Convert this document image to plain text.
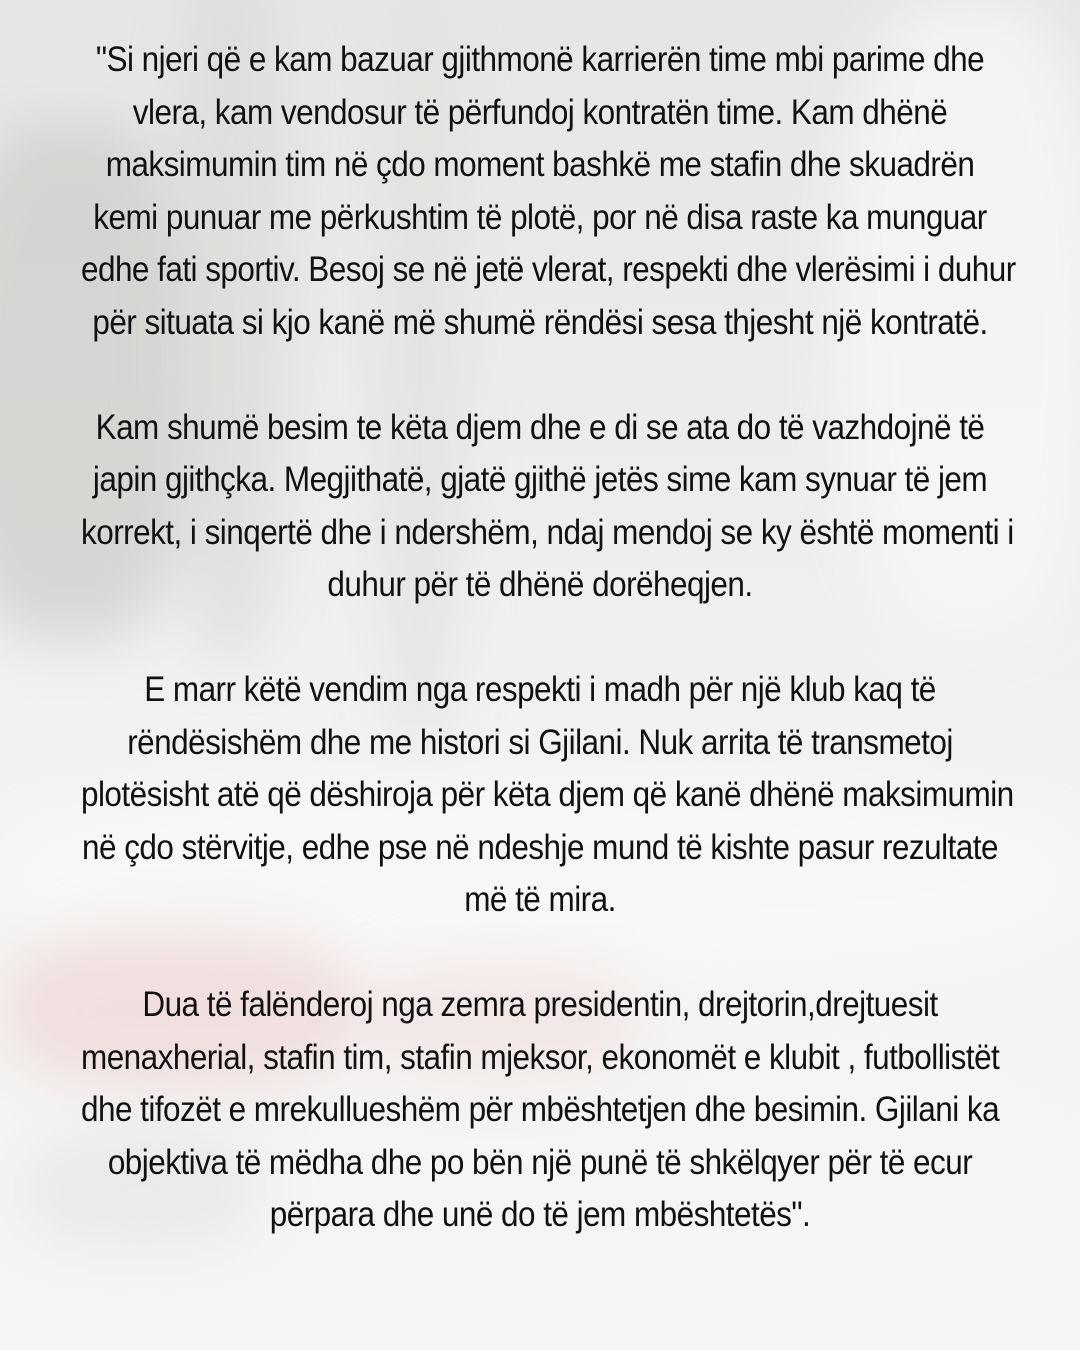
"Si njeri që e kam bazuar gjithmonë karrierën time mbi parime dhe
vlera, kam vendosur të përfundoj kontratën time. Kam dhënë
maksimumin tim në çdo moment bashkë me stafin dhe skuadrën
kemi punuar me përkushtim të plotë, por në disa raste ka munguar
edhe fati sportiv. Besoj se në jetë vlerat, respekti dhe vlerësimi i duhur
për situata si kjo kanë më shumë rëndësi sesa thjesht një kontratë.

Kam shumë besim te këta djem dhe e di se ata do të vazhdojnë të
japin gjithçka. Megjithatë, gjatë gjithë jetës sime kam synuar të jem
korrekt, i sinqertë dhe i ndershëm, ndaj mendoj se ky është momenti i
duhur për të dhënë dorëheqjen.

E marr këtë vendim nga respekti i madh për një klub kaq të
rëndësishëm dhe me histori si Gjilani. Nuk arrita të transmetoj
plotësisht atë që dëshiroja për këta djem që kanë dhënë maksimumin
në çdo stërvitje, edhe pse në ndeshje mund të kishte pasur rezultate
më të mira.

Dua të falënderoj nga zemra presidentin, drejtorin,drejtuesit
menaxherial, stafin tim, stafin mjeksor, ekonomët e klubit , futbollistët
dhe tifozët e mrekullueshëm për mbështetjen dhe besimin. Gjilani ka
objektiva të mëdha dhe po bën një punë të shkëlqyer për të ecur
përpara dhe unë do të jem mbështetës".
